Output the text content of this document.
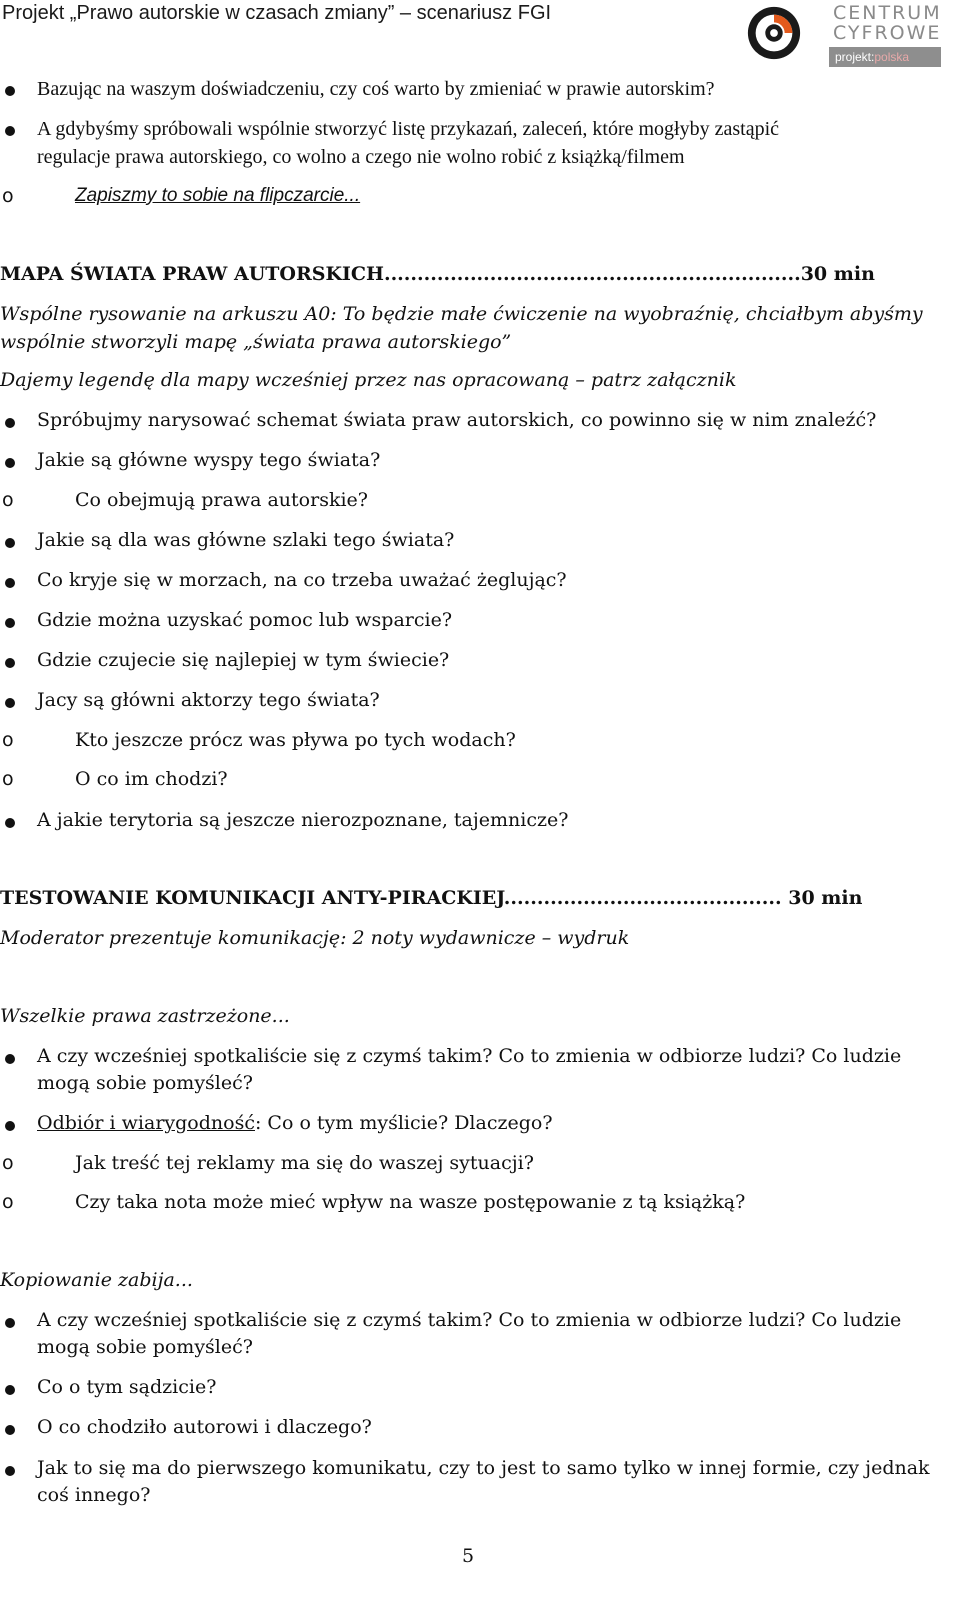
Projekt „Prawo autorskie w czasach zmiany” – scenariusz FGI	CENTRUM
CYFROWE
projekt:polska
Bazując na waszym doświadczeniu, czy coś warto by zmieniać w prawie autorskim?
A gdybyśmy spróbowali wspólnie stworzyć listę przykazań, zaleceń, które mogłyby zastąpić
regulacje prawa autorskiego, co wolno a czego nie wolno robić z książką/filmem
o	Zapiszmy to sobie na flipczarcie...
MAPA ŚWIATA PRAW AUTORSKICH...............................................................30 min
Wspólne rysowanie na arkuszu A0: To będzie małe ćwiczenie na wyobraźnię, chciałbym abyśmy
wspólnie stworzyli mapę „świata prawa autorskiego”
Dajemy legendę dla mapy wcześniej przez nas opracowaną – patrz załącznik
Spróbujmy narysować schemat świata praw autorskich, co powinno się w nim znaleźć?
Jakie są główne wyspy tego świata?
o	Co obejmują prawa autorskie?
Jakie są dla was główne szlaki tego świata?
Co kryje się w morzach, na co trzeba uważać żeglując?
Gdzie można uzyskać pomoc lub wsparcie?
Gdzie czujecie się najlepiej w tym świecie?
Jacy są główni aktorzy tego świata?
o	Kto jeszcze prócz was pływa po tych wodach?
o	O co im chodzi?
A jakie terytoria są jeszcze nierozpoznane, tajemnicze?
TESTOWANIE KOMUNIKACJI ANTY-PIRACKIEJ.......................................... 30 min
Moderator prezentuje komunikację: 2 noty wydawnicze – wydruk
Wszelkie prawa zastrzeżone...
A czy wcześniej spotkaliście się z czymś takim? Co to zmienia w odbiorze ludzi? Co ludzie
mogą sobie pomyśleć?
Odbiór i wiarygodność: Co o tym myślicie? Dlaczego?
o	Jak treść tej reklamy ma się do waszej sytuacji?
o	Czy taka nota może mieć wpływ na wasze postępowanie z tą książką?
Kopiowanie zabija...
A czy wcześniej spotkaliście się z czymś takim? Co to zmienia w odbiorze ludzi? Co ludzie
mogą sobie pomyśleć?
Co o tym sądzicie?
O co chodziło autorowi i dlaczego?
Jak to się ma do pierwszego komunikatu, czy to jest to samo tylko w innej formie, czy jednak
coś innego?
5
